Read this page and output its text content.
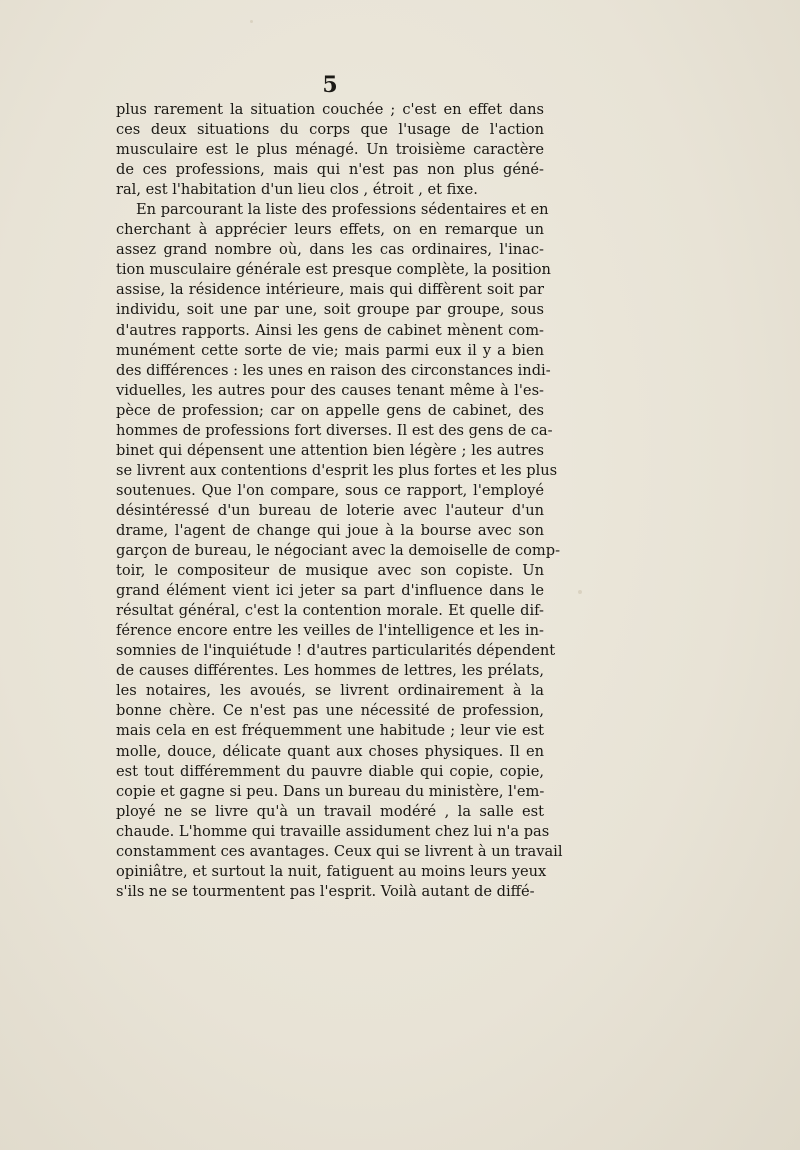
5
plus rarement la situation couchée ; c'est en effet dans
ces deux situations du corps que l'usage de l'action
musculaire est le plus ménagé. Un troisième caractère
de ces professions, mais qui n'est pas non plus géné-
ral, est l'habitation d'un lieu clos , étroit , et fixe.
En parcourant la liste des professions sédentaires et en
cherchant à apprécier leurs effets, on en remarque un
assez grand nombre où, dans les cas ordinaires, l'inac-
tion musculaire générale est presque complète, la position
assise, la résidence intérieure, mais qui diffèrent soit par
individu, soit une par une, soit groupe par groupe, sous
d'autres rapports. Ainsi les gens de cabinet mènent com-
munément cette sorte de vie; mais parmi eux il y a bien
des différences : les unes en raison des circonstances indi-
viduelles, les autres pour des causes tenant même à l'es-
pèce de profession; car on appelle gens de cabinet, des
hommes de professions fort diverses. Il est des gens de ca-
binet qui dépensent une attention bien légère ; les autres
se livrent aux contentions d'esprit les plus fortes et les plus
soutenues. Que l'on compare, sous ce rapport, l'employé
désintéressé d'un bureau de loterie avec l'auteur d'un
drame, l'agent de change qui joue à la bourse avec son
garçon de bureau, le négociant avec la demoiselle de comp-
toir, le compositeur de musique avec son copiste. Un
grand élément vient ici jeter sa part d'influence dans le
résultat général, c'est la contention morale. Et quelle dif-
férence encore entre les veilles de l'intelligence et les in-
somnies de l'inquiétude ! d'autres particularités dépendent
de causes différentes. Les hommes de lettres, les prélats,
les notaires, les avoués, se livrent ordinairement à la
bonne chère. Ce n'est pas une nécessité de profession,
mais cela en est fréquemment une habitude ; leur vie est
molle, douce, délicate quant aux choses physiques. Il en
est tout différemment du pauvre diable qui copie, copie,
copie et gagne si peu. Dans un bureau du ministère, l'em-
ployé ne se livre qu'à un travail modéré , la salle est
chaude. L'homme qui travaille assidument chez lui n'a pas
constamment ces avantages. Ceux qui se livrent à un travail
opiniâtre, et surtout la nuit, fatiguent au moins leurs yeux
s'ils ne se tourmentent pas l'esprit. Voilà autant de diffé-
